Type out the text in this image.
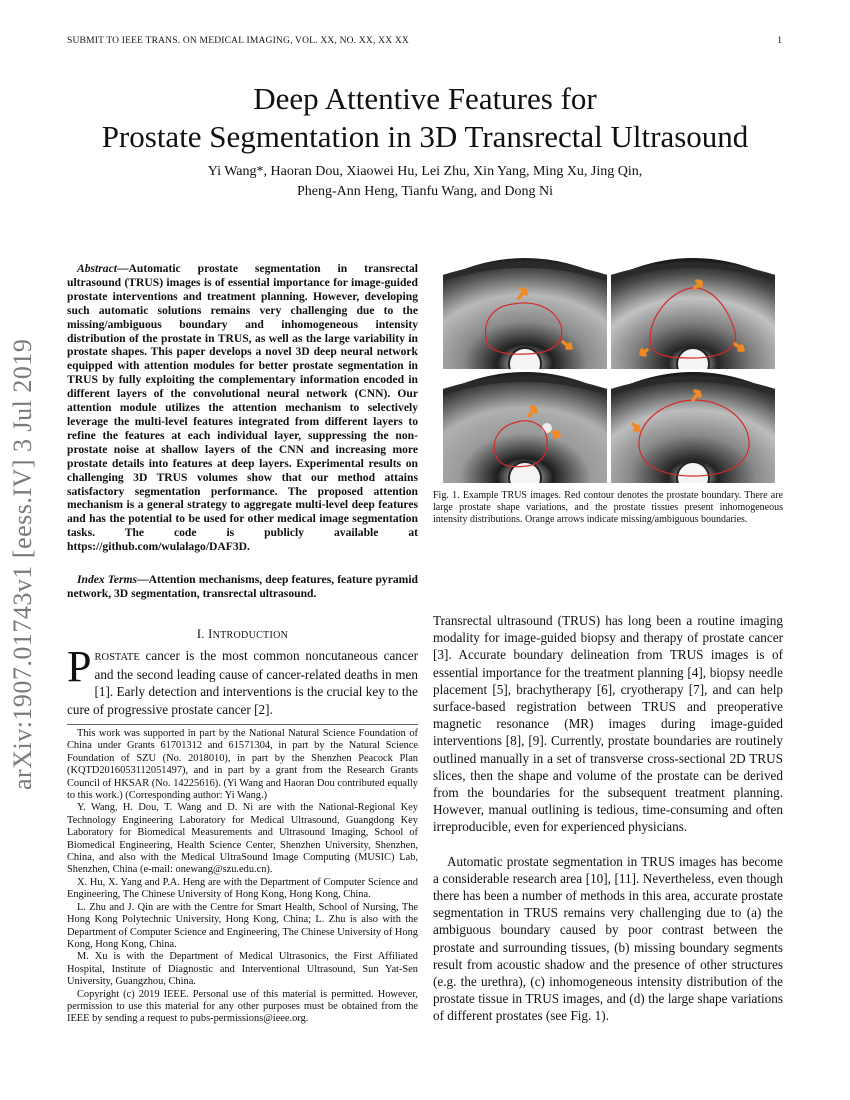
SUBMIT TO IEEE TRANS. ON MEDICAL IMAGING, VOL. XX, NO. XX, XX XX	1
arXiv:1907.01743v1 [eess.IV] 3 Jul 2019
Deep Attentive Features for
Prostate Segmentation in 3D Transrectal Ultrasound
Yi Wang*, Haoran Dou, Xiaowei Hu, Lei Zhu, Xin Yang, Ming Xu, Jing Qin,
Pheng-Ann Heng, Tianfu Wang, and Dong Ni
Abstract—Automatic prostate segmentation in transrectal ultrasound (TRUS) images is of essential importance for image-guided prostate interventions and treatment planning. However, developing such automatic solutions remains very challenging due to the missing/ambiguous boundary and inhomogeneous intensity distribution of the prostate in TRUS, as well as the large variability in prostate shapes. This paper develops a novel 3D deep neural network equipped with attention modules for better prostate segmentation in TRUS by fully exploiting the complementary information encoded in different layers of the convolutional neural network (CNN). Our attention module utilizes the attention mechanism to selectively leverage the multi-level features integrated from different layers to refine the features at each individual layer, suppressing the non-prostate noise at shallow layers of the CNN and increasing more prostate details into features at deep layers. Experimental results on challenging 3D TRUS volumes show that our method attains satisfactory segmentation performance. The proposed attention mechanism is a general strategy to aggregate multi-level deep features and has the potential to be used for other medical image segmentation tasks. The code is publicly available at https://github.com/wulalago/DAF3D.
Index Terms—Attention mechanisms, deep features, feature pyramid network, 3D segmentation, transrectal ultrasound.
I. INTRODUCTION
PROSTATE cancer is the most common noncutaneous cancer and the second leading cause of cancer-related deaths in men [1]. Early detection and interventions is the crucial key to the cure of progressive prostate cancer [2].

This work was supported in part by the National Natural Science Foundation of China under Grants 61701312 and 61571304, in part by the Natural Science Foundation of SZU (No. 2018010), in part by the Shenzhen Peacock Plan (KQTD2016053112051497), and in part by a grant from the Research Grants Council of HKSAR (No. 14225616). (Yi Wang and Haoran Dou contributed equally to this work.) (Corresponding author: Yi Wang.)

Y. Wang, H. Dou, T. Wang and D. Ni are with the National-Regional Key Technology Engineering Laboratory for Medical Ultrasound, Guangdong Key Laboratory for Biomedical Measurements and Ultrasound Imaging, School of Biomedical Engineering, Health Science Center, Shenzhen University, Shenzhen, China, and also with the Medical UltraSound Image Computing (MUSIC) Lab, Shenzhen, China (e-mail: onewang@szu.edu.cn).

X. Hu, X. Yang and P.A. Heng are with the Department of Computer Science and Engineering, The Chinese University of Hong Kong, Hong Kong, China.

L. Zhu and J. Qin are with the Centre for Smart Health, School of Nursing, The Hong Kong Polytechnic University, Hong Kong, China; L. Zhu is also with the Department of Computer Science and Engineering, The Chinese University of Hong Kong, Hong Kong, China.

M. Xu is with the Department of Medical Ultrasonics, the First Affiliated Hospital, Institute of Diagnostic and Interventional Ultrasound, Sun Yat-Sen University, Guangzhou, China.

Copyright (c) 2019 IEEE. Personal use of this material is permitted. However, permission to use this material for any other purposes must be obtained from the IEEE by sending a request to pubs-permissions@ieee.org.

Fig. 1. Example TRUS images. Red contour denotes the prostate boundary. There are large prostate shape variations, and the prostate tissues present inhomogeneous intensity distributions. Orange arrows indicate missing/ambiguous boundaries.

Transrectal ultrasound (TRUS) has long been a routine imaging modality for image-guided biopsy and therapy of prostate cancer [3]. Accurate boundary delineation from TRUS images is of essential importance for the treatment planning [4], biopsy needle placement [5], brachytherapy [6], cryotherapy [7], and can help surface-based registration between TRUS and preoperative magnetic resonance (MR) images during image-guided interventions [8], [9]. Currently, prostate boundaries are routinely outlined manually in a set of transverse cross-sectional 2D TRUS slices, then the shape and volume of the prostate can be derived from the boundaries for the subsequent treatment planning. However, manual outlining is tedious, time-consuming and often irreproducible, even for experienced physicians.

Automatic prostate segmentation in TRUS images has become a considerable research area [10], [11]. Nevertheless, even though there has been a number of methods in this area, accurate prostate segmentation in TRUS remains very challenging due to (a) the ambiguous boundary caused by poor contrast between the prostate and surrounding tissues, (b) missing boundary segments result from acoustic shadow and the presence of other structures (e.g. the urethra), (c) inhomogeneous intensity distribution of the prostate tissue in TRUS images, and (d) the large shape variations of different prostates (see Fig. 1).
